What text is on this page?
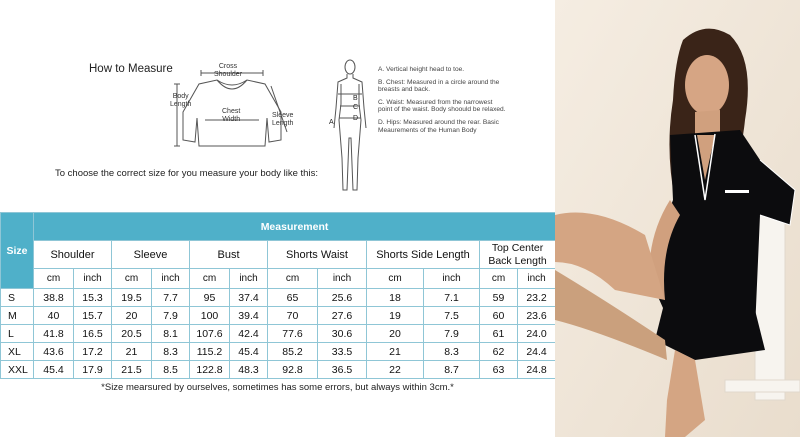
How to Measure	Cross
Shoulder
Body
Length
Chest
Width
Sleeve
Length
B
C
D
A
A. Vertical height head to toe.
B. Chest: Measured in a circle around the breasts and back.
C. Waist: Measured from the narrowest point of the waist. Body shoould be relaxed.
D. Hips: Measured around the rear. Basic Meaurements of the Human Body
To choose the correct size for you measure your body like this:
Size	Measurement											
	Shoulder		Sleeve		Bust		Shorts Waist		Shorts Side Length		Top Center Back Length	
	cm	inch	cm	inch	cm	inch	cm	inch	cm	inch	cm	inch
S	38.8	15.3	19.5	7.7	95	37.4	65	25.6	18	7.1	59	23.2
M	40	15.7	20	7.9	100	39.4	70	27.6	19	7.5	60	23.6
L	41.8	16.5	20.5	8.1	107.6	42.4	77.6	30.6	20	7.9	61	24.0
XL	43.6	17.2	21	8.3	115.2	45.4	85.2	33.5	21	8.3	62	24.4
XXL	45.4	17.9	21.5	8.5	122.8	48.3	92.8	36.5	22	8.7	63	24.8
*Size mearsured by ourselves, sometimes has some errors, but always within 3cm.*
